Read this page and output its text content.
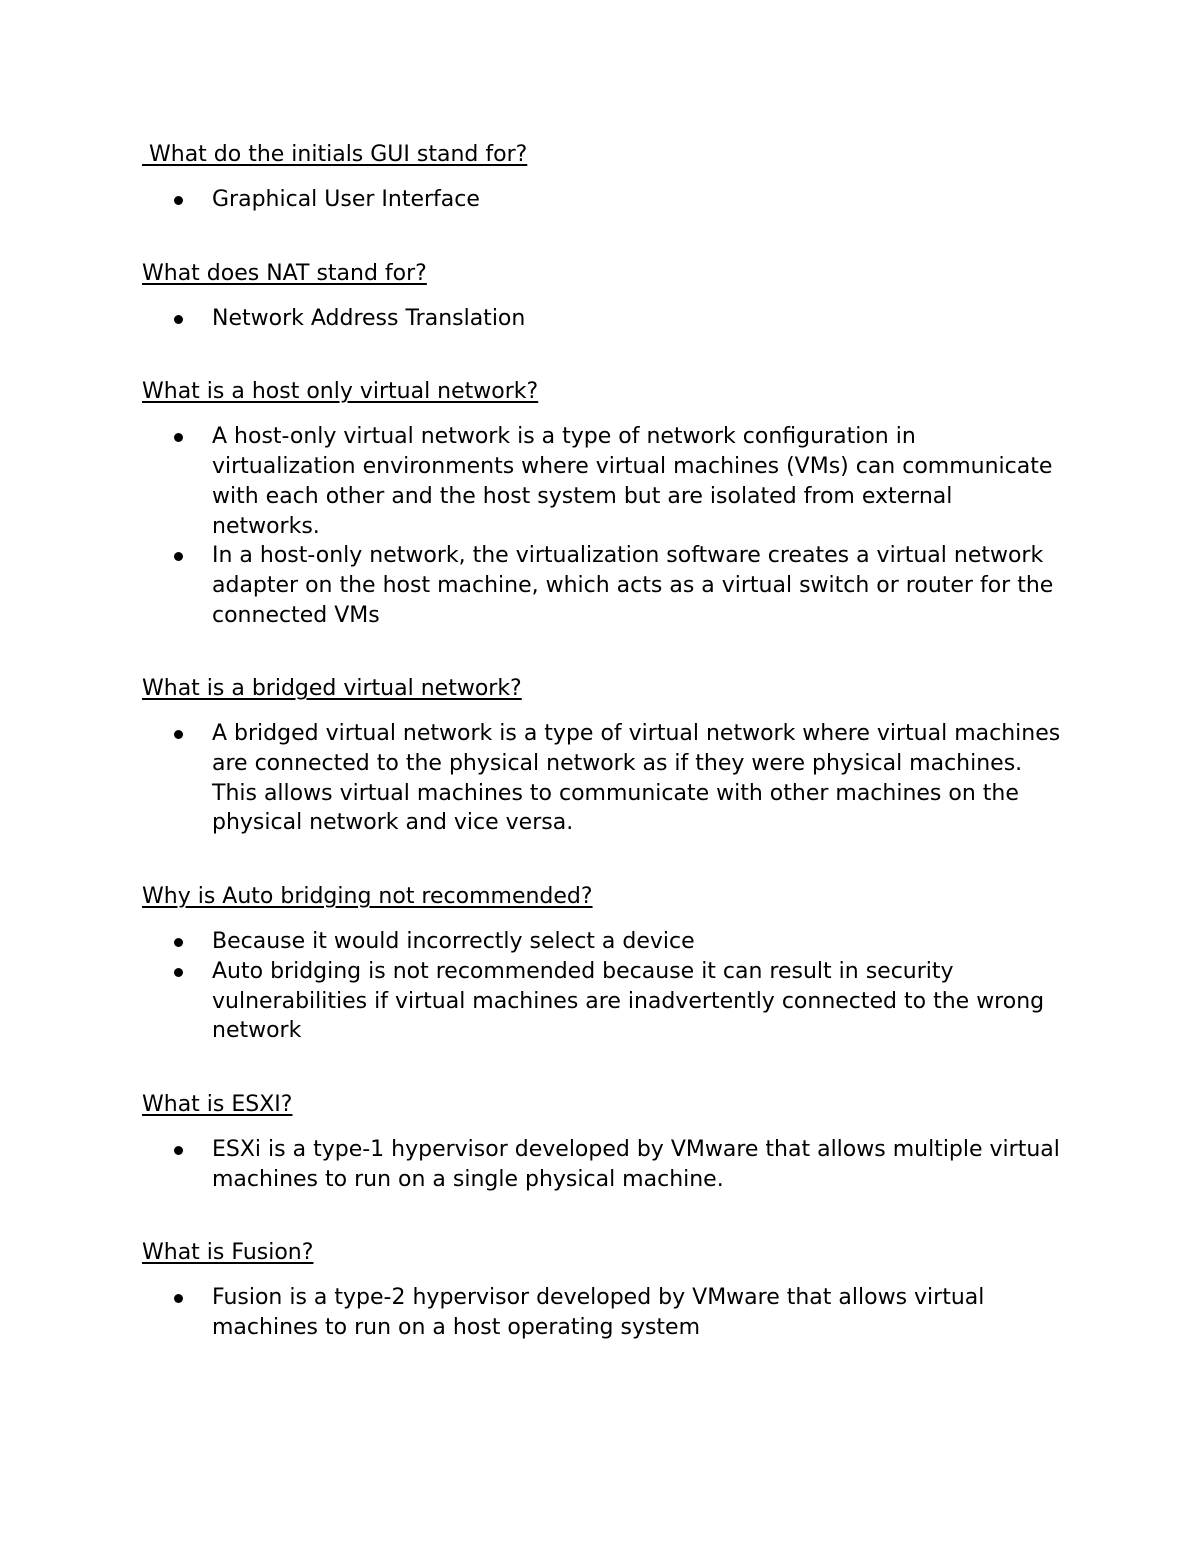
What do the initials GUI stand for?

Graphical User Interface

What does NAT stand for?

Network Address Translation

What is a host only virtual network?

A host-only virtual network is a type of network configuration in virtualization environments where virtual machines (VMs) can communicate with each other and the host system but are isolated from external networks.
In a host-only network, the virtualization software creates a virtual network adapter on the host machine, which acts as a virtual switch or router for the connected VMs

What is a bridged virtual network?

A bridged virtual network is a type of virtual network where virtual machines are connected to the physical network as if they were physical machines. This allows virtual machines to communicate with other machines on the physical network and vice versa.

Why is Auto bridging not recommended?

Because it would incorrectly select a device
Auto bridging is not recommended because it can result in security vulnerabilities if virtual machines are inadvertently connected to the wrong network

What is ESXI?

ESXi is a type-1 hypervisor developed by VMware that allows multiple virtual machines to run on a single physical machine.

What is Fusion?

Fusion is a type-2 hypervisor developed by VMware that allows virtual machines to run on a host operating system
